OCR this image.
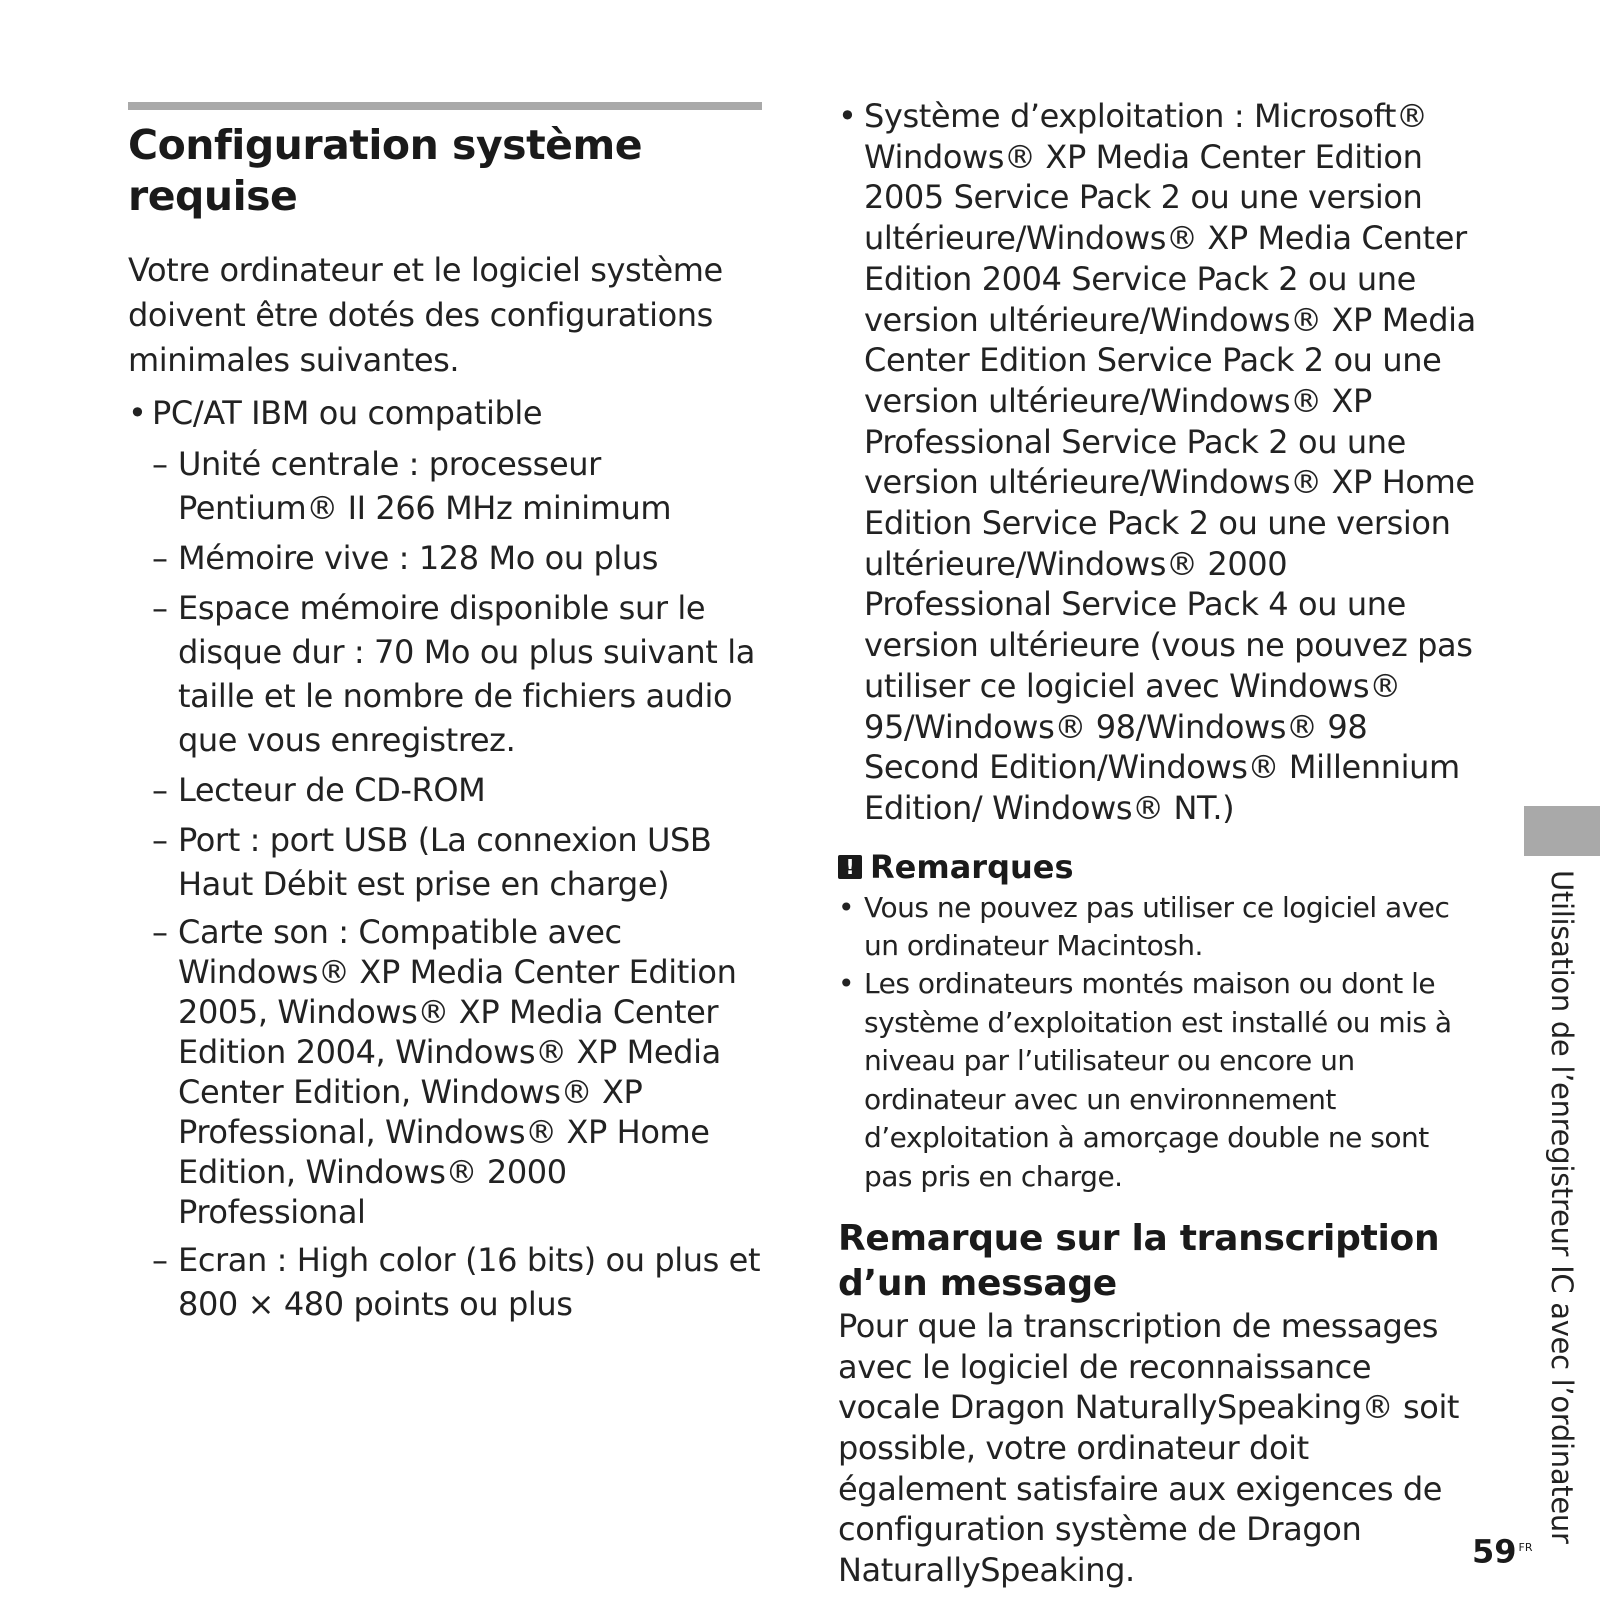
Configuration système requise

Votre ordinateur et le logiciel système doivent être dotés des configurations minimales suivantes.

• PC/AT IBM ou compatible
– Unité centrale : processeur Pentium® II 266 MHz minimum
– Mémoire vive : 128 Mo ou plus
– Espace mémoire disponible sur le disque dur : 70 Mo ou plus suivant la taille et le nombre de fichiers audio que vous enregistrez.
– Lecteur de CD-ROM
– Port : port USB (La connexion USB Haut Débit est prise en charge)
– Carte son : Compatible avec Windows® XP Media Center Edition 2005, Windows® XP Media Center Edition 2004, Windows® XP Media Center Edition, Windows® XP Professional, Windows® XP Home Edition, Windows® 2000 Professional
– Ecran : High color (16 bits) ou plus et 800 × 480 points ou plus

• Système d’exploitation : Microsoft® Windows® XP Media Center Edition 2005 Service Pack 2 ou une version ultérieure/Windows® XP Media Center Edition 2004 Service Pack 2 ou une version ultérieure/Windows® XP Media Center Edition Service Pack 2 ou une version ultérieure/Windows® XP Professional Service Pack 2 ou une version ultérieure/Windows® XP Home Edition Service Pack 2 ou une version ultérieure/Windows® 2000 Professional Service Pack 4 ou une version ultérieure (vous ne pouvez pas utiliser ce logiciel avec Windows® 95/Windows® 98/Windows® 98 Second Edition/Windows® Millennium Edition/ Windows® NT.)

! Remarques
• Vous ne pouvez pas utiliser ce logiciel avec un ordinateur Macintosh.
• Les ordinateurs montés maison ou dont le système d’exploitation est installé ou mis à niveau par l’utilisateur ou encore un ordinateur avec un environnement d’exploitation à amorçage double ne sont pas pris en charge.
Remarque sur la transcription d’un message

Pour que la transcription de messages avec le logiciel de reconnaissance vocale Dragon NaturallySpeaking® soit possible, votre ordinateur doit également satisfaire aux exigences de configuration système de Dragon NaturallySpeaking.

Utilisation de l’enregistreur IC avec l’ordinateur
59 $^{FR}$
